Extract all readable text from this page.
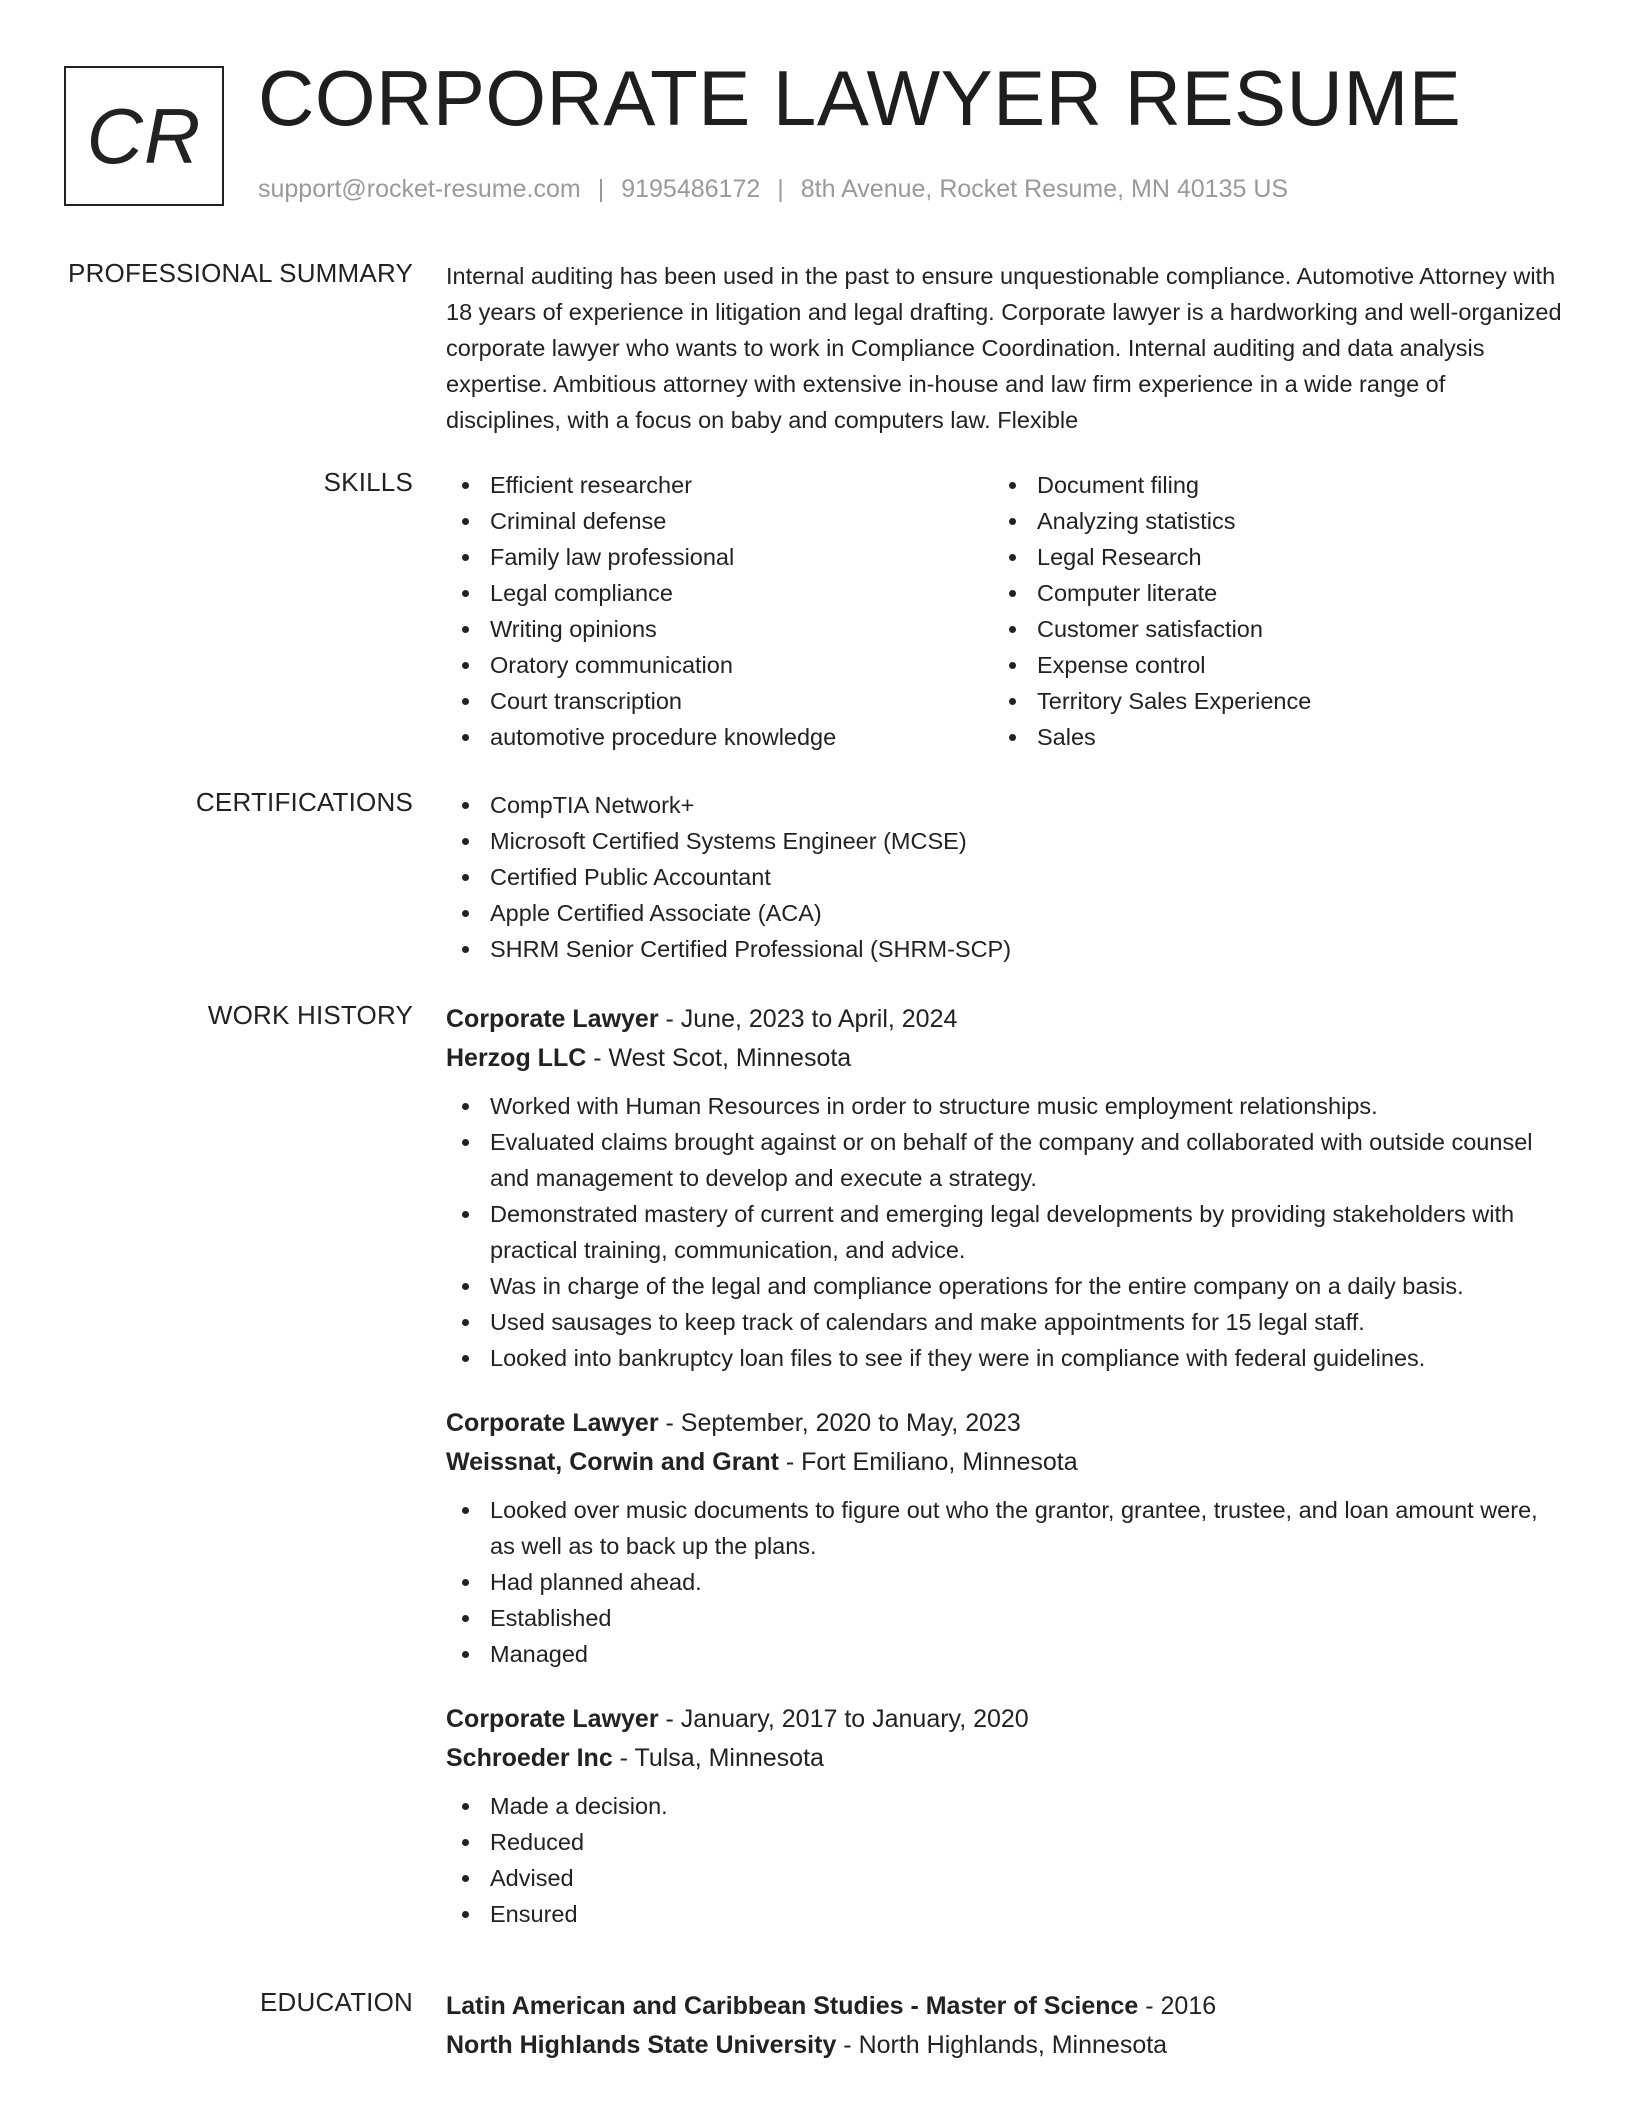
CR CORPORATE LAWYER RESUME
support@rocket-resume.com | 9195486172 | 8th Avenue, Rocket Resume, MN 40135 US
PROFESSIONAL SUMMARY Internal auditing has been used in the past to ensure unquestionable compliance. Automotive Attorney with 18 years of experience in litigation and legal drafting. Corporate lawyer is a hardworking and well-organized corporate lawyer who wants to work in Compliance Coordination. Internal auditing and data analysis expertise. Ambitious attorney with extensive in-house and law firm experience in a wide range of disciplines, with a focus on baby and computers law. Flexible

SKILLS	Efficient researcher
Criminal defense
Family law professional
Legal compliance
Writing opinions
Oratory communication
Court transcription
automotive procedure knowledge
Document filing
Analyzing statistics
Legal Research
Computer literate
Customer satisfaction
Expense control
Territory Sales Experience
Sales
CERTIFICATIONS	CompTIA Network+
Microsoft Certified Systems Engineer (MCSE)
Certified Public Accountant
Apple Certified Associate (ACA)
SHRM Senior Certified Professional (SHRM-SCP)
WORK HISTORY Corporate Lawyer - June, 2023 to April, 2024
Herzog LLC - West Scot, Minnesota
Worked with Human Resources in order to structure music employment relationships.
Evaluated claims brought against or on behalf of the company and collaborated with outside counsel and management to develop and execute a strategy.
Demonstrated mastery of current and emerging legal developments by providing stakeholders with practical training, communication, and advice.
Was in charge of the legal and compliance operations for the entire company on a daily basis.
Used sausages to keep track of calendars and make appointments for 15 legal staff.
Looked into bankruptcy loan files to see if they were in compliance with federal guidelines.
Corporate Lawyer - September, 2020 to May, 2023
Weissnat, Corwin and Grant - Fort Emiliano, Minnesota
Looked over music documents to figure out who the grantor, grantee, trustee, and loan amount were, as well as to back up the plans.
Had planned ahead.
Established
Managed
Corporate Lawyer - January, 2017 to January, 2020
Schroeder Inc - Tulsa, Minnesota
Made a decision.
Reduced
Advised
Ensured
EDUCATION Latin American and Caribbean Studies - Master of Science - 2016
North Highlands State University - North Highlands, Minnesota
